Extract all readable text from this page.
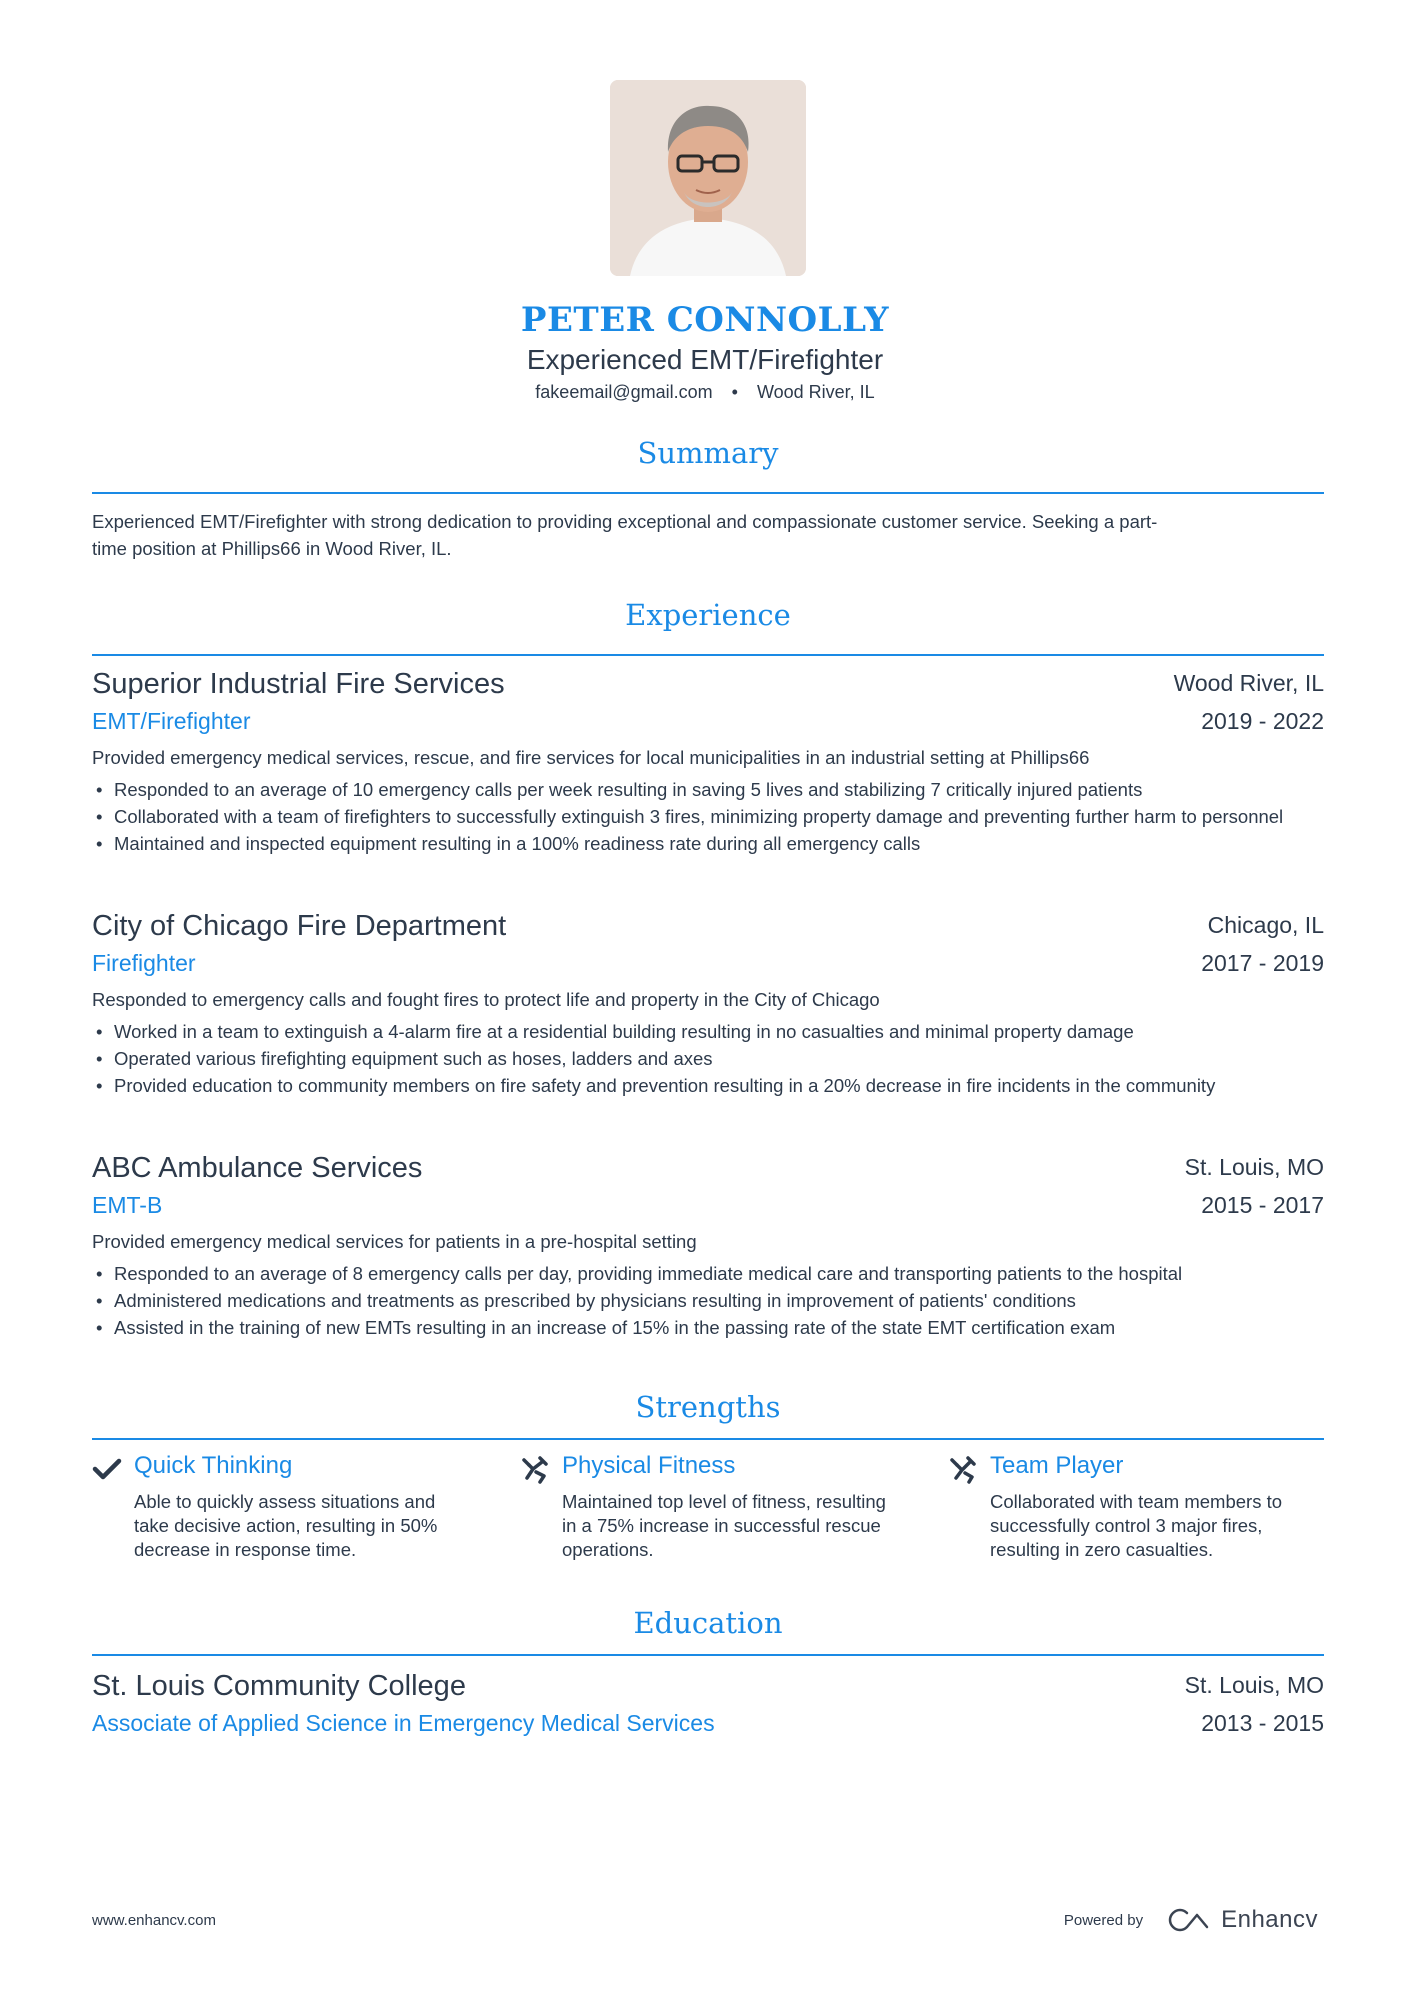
PETER CONNOLLY
Experienced EMT/Firefighter
fakeemail@gmail.com • Wood River, IL
Summary
Experienced EMT/Firefighter with strong dedication to providing exceptional and compassionate customer service. Seeking a part-
time position at Phillips66 in Wood River, IL.
Experience
Superior Industrial Fire Services	Wood River, IL
EMT/Firefighter	2019 - 2022
Provided emergency medical services, rescue, and fire services for local municipalities in an industrial setting at Phillips66
• Responded to an average of 10 emergency calls per week resulting in saving 5 lives and stabilizing 7 critically injured patients
• Collaborated with a team of firefighters to successfully extinguish 3 fires, minimizing property damage and preventing further harm to personnel
• Maintained and inspected equipment resulting in a 100% readiness rate during all emergency calls
City of Chicago Fire Department	Chicago, IL
Firefighter	2017 - 2019
Responded to emergency calls and fought fires to protect life and property in the City of Chicago
• Worked in a team to extinguish a 4-alarm fire at a residential building resulting in no casualties and minimal property damage
• Operated various firefighting equipment such as hoses, ladders and axes
• Provided education to community members on fire safety and prevention resulting in a 20% decrease in fire incidents in the community
ABC Ambulance Services	St. Louis, MO
EMT-B	2015 - 2017
Provided emergency medical services for patients in a pre-hospital setting
• Responded to an average of 8 emergency calls per day, providing immediate medical care and transporting patients to the hospital
• Administered medications and treatments as prescribed by physicians resulting in improvement of patients' conditions
• Assisted in the training of new EMTs resulting in an increase of 15% in the passing rate of the state EMT certification exam
Strengths
Quick Thinking
Able to quickly assess situations and take decisive action, resulting in 50% decrease in response time.
Physical Fitness
Maintained top level of fitness, resulting in a 75% increase in successful rescue operations.
Team Player
Collaborated with team members to successfully control 3 major fires, resulting in zero casualties.
Education
St. Louis Community College	St. Louis, MO
Associate of Applied Science in Emergency Medical Services	2013 - 2015
www.enhancv.com	Powered by	Enhancv
